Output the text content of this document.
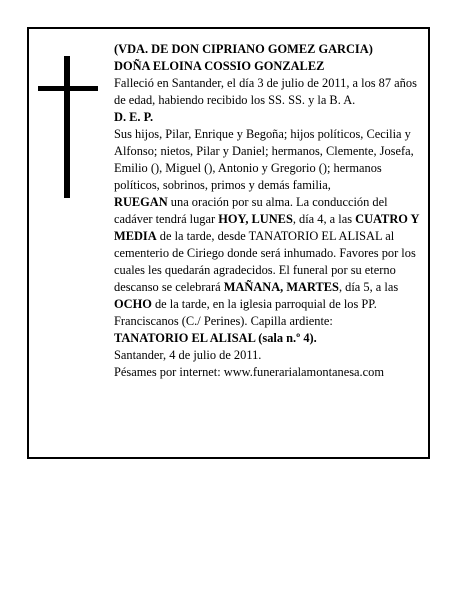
(VDA. DE DON CIPRIANO GOMEZ GARCIA)

DOÑA ELOINA COSSIO GONZALEZ

Falleció en Santander, el día 3 de julio de 2011, a los 87 años de edad, habiendo recibido los SS. SS. y la B. A.

D. E. P.

Sus hijos, Pilar, Enrique y Begoña; hijos políticos, Cecilia y Alfonso; nietos, Pilar y Daniel; hermanos, Clemente, Josefa, Emilio (), Miguel (), Antonio y Gregorio (); hermanos políticos, sobrinos, primos y demás familia,

RUEGAN una oración por su alma. La conducción del cadáver tendrá lugar HOY, LUNES, día 4, a las CUATRO Y MEDIA de la tarde, desde TANATORIO EL ALISAL al cementerio de Ciriego donde será inhumado. Favores por los cuales les quedarán agradecidos. El funeral por su eterno descanso se celebrará MAÑANA, MARTES, día 5, a las OCHO de la tarde, en la iglesia parroquial de los PP. Franciscanos (C./ Perines). Capilla ardiente:

TANATORIO EL ALISAL (sala n.º 4).

Santander, 4 de julio de 2011.

Pésames por internet: www.funerarialamontanesa.com
